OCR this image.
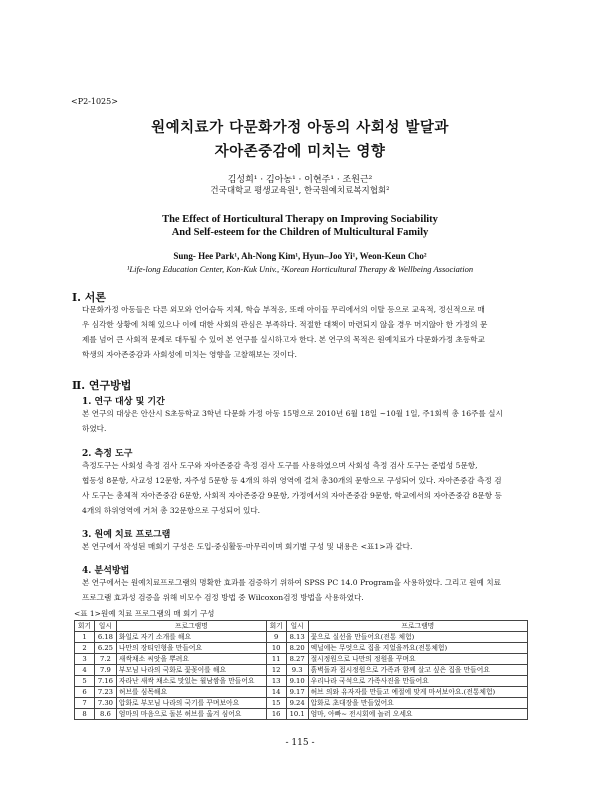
<P2-1025>
원예치료가 다문화가정 아동의 사회성 발달과
자아존중감에 미치는 영향
김성희¹ · 김아농¹ · 이현주¹ · 조원근²
건국대학교 평생교육원¹, 한국원예치료복지협회²
The Effect of Horticultural Therapy on Improving Sociability
And Self-esteem for the Children of Multicultural Family
Sung- Hee Park¹, Ah-Nong Kim¹, Hyun–Joo Yi¹, Weon-Keun Cho²
¹Life-long Education Center, Kon-Kuk Univ., ²Korean Horticultural Therapy & Wellbeing Association
Ⅰ. 서론
다문화가정 아동들은 다른 외모와 언어습득 지체, 학습 부적응, 또래 아이들 무리에서의 이탈 등으로 교육적, 정신적으로 매
우 심각한 상황에 처해 있으나 이에 대한 사회의 관심은 부족하다. 적절한 대책이 마련되지 않을 경우 머지않아 한 가정의 문
제를 넘어 큰 사회적 문제로 대두될 수 있어 본 연구를 실시하고자 한다. 본 연구의 목적은 원예치료가 다문화가정 초등학교
학생의 자아존중감과 사회성에 미치는 영향을 고찰해보는 것이다.
Ⅱ. 연구방법
1. 연구 대상 및 기간
본 연구의 대상은 안산시 S초등학교 3학년 다문화 가정 아동 15명으로 2010년 6월 18일 ~10월 1일, 주1회씩 총 16주를 실시
하였다.
2. 측정 도구
측정도구는 사회성 측정 검사 도구와 자아존중감 측정 검사 도구를 사용하였으며 사회성 측정 검사 도구는 준법성 5문항,
협동성 8문항, 사교성 12문항, 자주성 5문항 등 4개의 하위 영역에 걸쳐 총30개의 문항으로 구성되어 있다. 자아존중감 측정 검
사 도구는 총체적 자아존중감 6문항, 사회적 자아존중감 9문항, 가정에서의 자아존중감 9문항, 학교에서의 자아존중감 8문항 등
4개의 하위영역에 거쳐 총 32문항으로 구성되어 있다.
3. 원예 치료 프로그램
본 연구에서 작성된 매회기 구성은 도입-중심활동-마무리이며 회기별 구성 및 내용은 <표1>과 같다.
4. 분석방법
본 연구에서는 원예치료프로그램의 명확한 효과를 검증하기 위하여 SPSS PC 14.0 Program을 사용하였다. 그리고 원예 치료
프로그램 효과성 검증을 위해 비모수 검정 방법 중 Wilcoxon검정 방법을 사용하였다.
<표 1>원예 치료 프로그램의 매 회기 구성
회기	일시	프로그램명	회기	일시	프로그램명
1	6.18	화일로 자기 소개를 해요	9	8.13	꽃으로 실선을 만들어요(전통 체험)
2	6.25	나만의 장티인형을 만들어요	10	8.20	엑닐에는 무엇으로 집을 지었을까요(전통체험)
3	7.2	새싹채소 씨앗을 뿌려요	11	8.27	절시정원으로 나만의 정원을 꾸며요
4	7.9	부모님 나라의 국화로 꽃꽂이를 해요	12	9.3	흙벽돌과 접시정원으로 가족과 함께 살고 싶은 집을 만들어요
5	7.16	자라난 새싹 채소로 맛있는 월남쌈을 만들어요	13	9.10	우리나라 국석으로 가족사진을 만들어요
6	7.23	허브를 심목해요	14	9.17	허브 의와 유자자를 만들고 예절에 맞게 마셔보아요.(전통체험)
7	7.30	압화로 부모님 나라의 국기를 꾸며보아요	15	9.24	압화로 초대장을 만들었어요
8	8.6	엄마의 마음으로 돌본 허브를 옮겨 심어요	16	10.1	엄마, 아빠~ 전시회에 놀러 오세요
- 115 -
